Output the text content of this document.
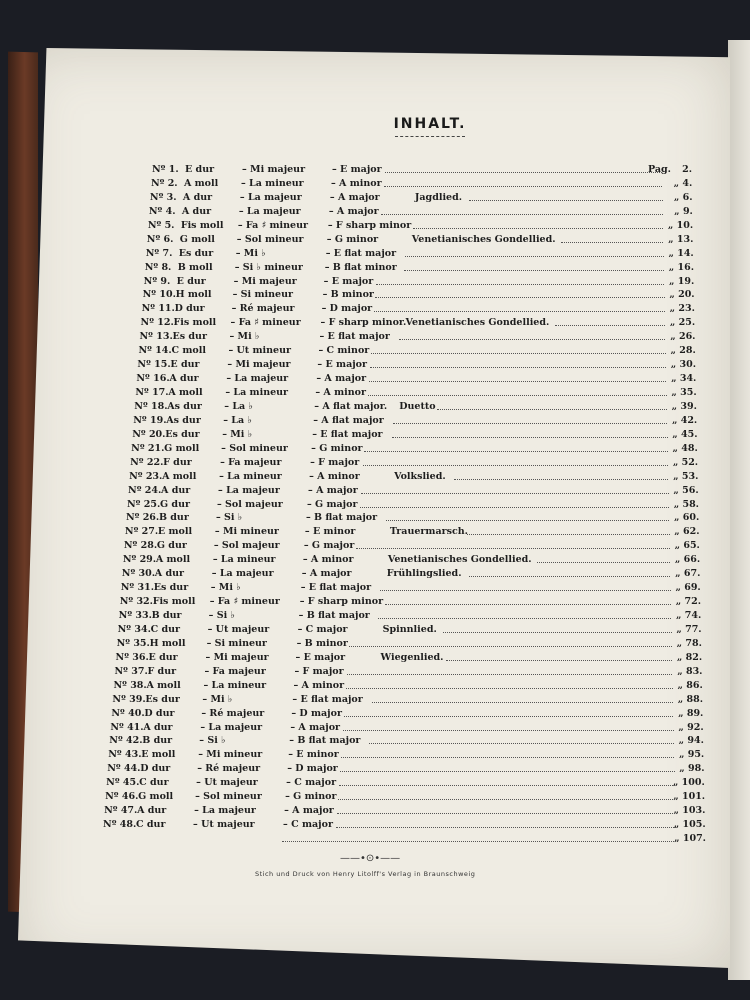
INHALT.
Nº 1. E dur	– Mi majeur	– E major	2.
Nº 2. A moll – La mineur	– A minor	„ 4.
Nº 3. A dur	– La majeur	– A major	Jagdlied.	„ 6.
Nº 4. A dur	– La majeur	– A major	„ 9.
Nº 5. Fis moll – Fa ♯ mineur – F sharp minor	„ 10.
Nº 6. G moll – Sol mineur – G minor	Venetianisches Gondellied.	„ 13.
Nº 7. Es dur – Mi ♭	– E flat major	„ 14.
Nº 8. B moll – Si ♭ mineur – B flat minor	„ 16.
Nº 9. E dur	– Mi majeur	– E major	„ 19.
Nº 10. H moll – Si mineur	– B minor	„ 20.
Nº 11. D dur	– Ré majeur	– D major	„ 23.
Nº 12. Fis moll – Fa ♯ mineur – F sharp minor. Venetianisches Gondellied.	„ 25.
Nº 13. Es dur – Mi ♭	– E flat major	„ 26.
Nº 14. C moll – Ut mineur	– C minor	„ 28.
Nº 15. E dur	– Mi majeur	– E major	„ 30.
Nº 16. A dur	– La majeur	– A major	„ 34.
Nº 17. A moll – La mineur	– A minor	„ 35.
Nº 18. As dur – La ♭	– A flat major. Duetto	„ 39.
Nº 19. As dur – La ♭	– A flat major	„ 42.
Nº 20. Es dur – Mi ♭	– E flat major	„ 45.
Nº 21. G moll – Sol mineur – G minor	„ 48.
Nº 22. F dur	– Fa majeur	– F major	„ 52.
Nº 23. A moll – La mineur	– A minor	Volkslied.	„ 53.
Nº 24. A dur	– La majeur	– A major	„ 56.
Nº 25. G dur	– Sol majeur	– G major	„ 58.
Nº 26. B dur	– Si ♭	– B flat major	„ 60.
Nº 27. E moll – Mi mineur	– E minor	Trauermarsch.	„ 62.
Nº 28. G dur	– Sol majeur	– G major	„ 65.
Nº 29. A moll – La mineur	– A minor	Venetianisches Gondellied.	„ 66.
Nº 30. A dur	– La majeur	– A major	Frühlingslied.	„ 67.
Nº 31. Es dur – Mi ♭	– E flat major	„ 69.
Nº 32. Fis moll – Fa ♯ mineur – F sharp minor	„ 72.
Nº 33. B dur	– Si ♭	– B flat major	„ 74.
Nº 34. C dur	– Ut majeur	– C major	Spinnlied.	„ 77.
Nº 35. H moll – Si mineur	– B minor	„ 78.
Nº 36. E dur	– Mi majeur	– E major	Wiegenlied.	„ 82.
Nº 37. F dur	– Fa majeur	– F major	„ 83.
Nº 38. A moll – La mineur	– A minor	„ 86.
Nº 39. Es dur – Mi ♭	– E flat major	„ 88.
Nº 40. D dur	– Ré majeur	– D major	„ 89.
Nº 41. A dur	– La majeur	– A major	„ 92.
Nº 42. B dur	– Si ♭	– B flat major	„ 94.
Nº 43. E moll – Mi mineur	– E minor	„ 95.
Nº 44. D dur	– Ré majeur	– D major	„ 98.
Nº 45. C dur	– Ut majeur	– C major	„ 100.
Nº 46. G moll – Sol mineur – G minor	„ 101.
Nº 47. A dur	– La majeur	– A major	„ 103.
Nº 48. C dur	– Ut majeur	– C major	„ 105.
„ 107.
Pag.
——•⊙•——
Stich und Druck von Henry Litolff's Verlag in Braunschweig
